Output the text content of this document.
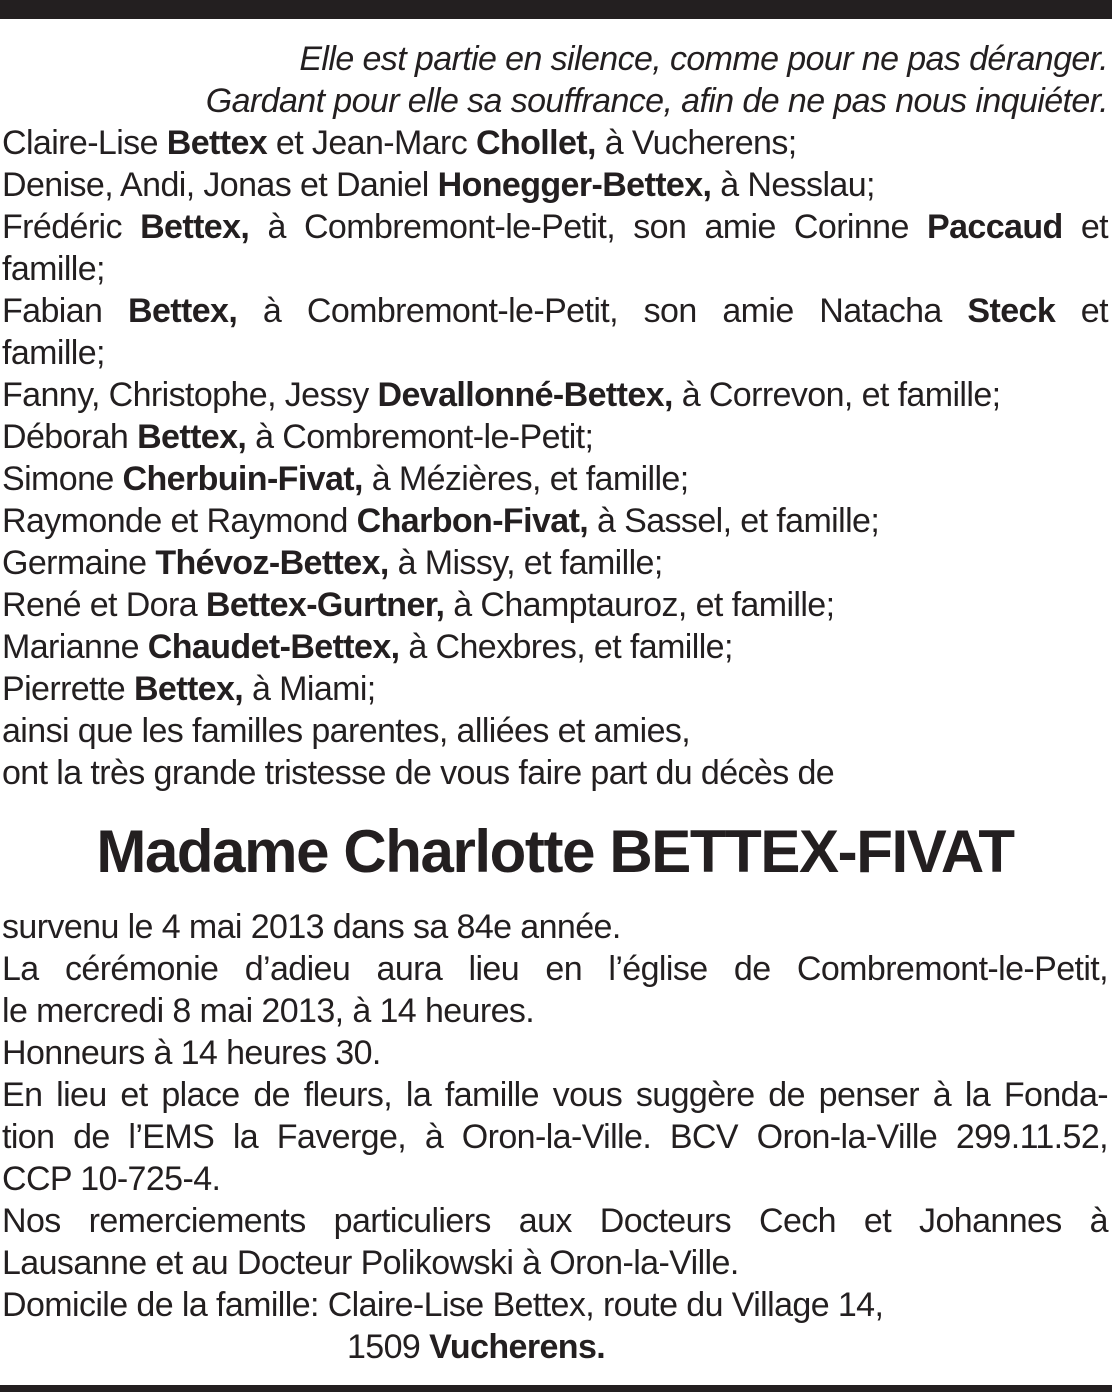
Elle est partie en silence, comme pour ne pas déranger.

Gardant pour elle sa souffrance, afin de ne pas nous inquiéter.

Claire-Lise Bettex et Jean-Marc Chollet, à Vucherens;

Denise, Andi, Jonas et Daniel Honegger-Bettex, à Nesslau;

Frédéric Bettex, à Combremont-le-Petit, son amie Corinne Paccaud et

famille;

Fabian Bettex, à Combremont-le-Petit, son amie Natacha Steck et

famille;

Fanny, Christophe, Jessy Devallonné-Bettex, à Correvon, et famille;

Déborah Bettex, à Combremont-le-Petit;

Simone Cherbuin-Fivat, à Mézières, et famille;

Raymonde et Raymond Charbon-Fivat, à Sassel, et famille;

Germaine Thévoz-Bettex, à Missy, et famille;

René et Dora Bettex-Gurtner, à Champtauroz, et famille;

Marianne Chaudet-Bettex, à Chexbres, et famille;

Pierrette Bettex, à Miami;

ainsi que les familles parentes, alliées et amies,

ont la très grande tristesse de vous faire part du décès de

Madame Charlotte BETTEX-FIVAT

survenu le 4 mai 2013 dans sa 84e année.

La cérémonie d’adieu aura lieu en l’église de Combremont-le-Petit,

le mercredi 8 mai 2013, à 14 heures.

Honneurs à 14 heures 30.

En lieu et place de fleurs, la famille vous suggère de penser à la Fonda-

tion de l’EMS la Faverge, à Oron-la-Ville. BCV Oron-la-Ville 299.11.52,

CCP 10-725-4.

Nos remerciements particuliers aux Docteurs Cech et Johannes à

Lausanne et au Docteur Polikowski à Oron-la-Ville.

Domicile de la famille: Claire-Lise Bettex, route du Village 14,

1509 Vucherens.
